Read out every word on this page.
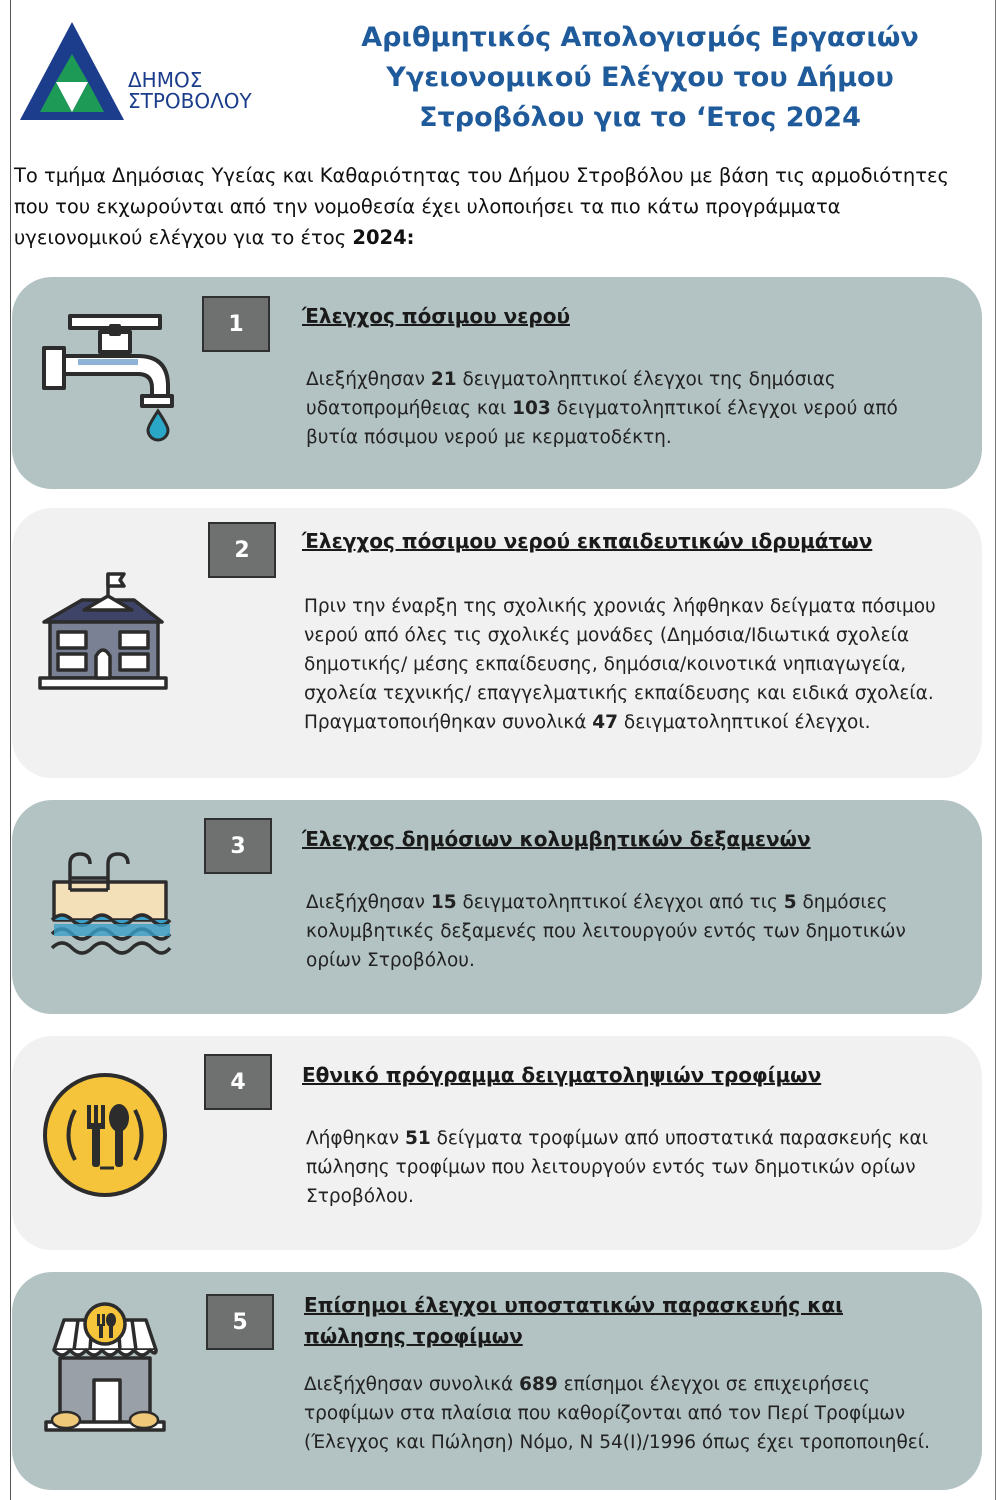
ΔΗΜΟΣ
ΣΤΡΟΒΟΛΟΥ
Αριθμητικός Απολογισμός Εργασιών Υγειονομικού Ελέγχου του Δήμου Στροβόλου για το ‘Ετος 2024
Το τμήμα Δημόσιας Υγείας και Καθαριότητας του Δήμου Στροβόλου με βάση τις αρμοδιότητες που του εκχωρούνται από την νομοθεσία έχει υλοποιήσει τα πιο κάτω προγράμματα υγειονομικού ελέγχου για το έτος 2024:
1	Έλεγχος πόσιμου νερού
Διεξήχθησαν 21 δειγματοληπτικοί έλεγχοι της δημόσιας υδατοπρομήθειας και 103 δειγματοληπτικοί έλεγχοι νερού από βυτία πόσιμου νερού με κερματοδέκτη.
2	Έλεγχος πόσιμου νερού εκπαιδευτικών ιδρυμάτων
Πριν την έναρξη της σχολικής χρονιάς λήφθηκαν δείγματα πόσιμου νερού από όλες τις σχολικές μονάδες (Δημόσια/Ιδιωτικά σχολεία δημοτικής/ μέσης εκπαίδευσης, δημόσια/κοινοτικά νηπιαγωγεία, σχολεία τεχνικής/ επαγγελματικής εκπαίδευσης και ειδικά σχολεία. Πραγματοποιήθηκαν συνολικά 47 δειγματοληπτικοί έλεγχοι.
3	Έλεγχος δημόσιων κολυμβητικών δεξαμενών
Διεξήχθησαν 15 δειγματοληπτικοί έλεγχοι από τις 5 δημόσιες κολυμβητικές δεξαμενές που λειτουργούν εντός των δημοτικών ορίων Στροβόλου.
4	Εθνικό πρόγραμμα δειγματοληψιών τροφίμων
Λήφθηκαν 51 δείγματα τροφίμων από υποστατικά παρασκευής και πώλησης τροφίμων που λειτουργούν εντός των δημοτικών ορίων Στροβόλου.
5
Επίσημοι έλεγχοι υποστατικών παρασκευής και πώλησης τροφίμων
Διεξήχθησαν συνολικά 689 επίσημοι έλεγχοι σε επιχειρήσεις τροφίμων στα πλαίσια που καθορίζονται από τον Περί Τροφίμων (Έλεγχος και Πώληση) Νόμο, Ν 54(Ι)/1996 όπως έχει τροποποιηθεί.
